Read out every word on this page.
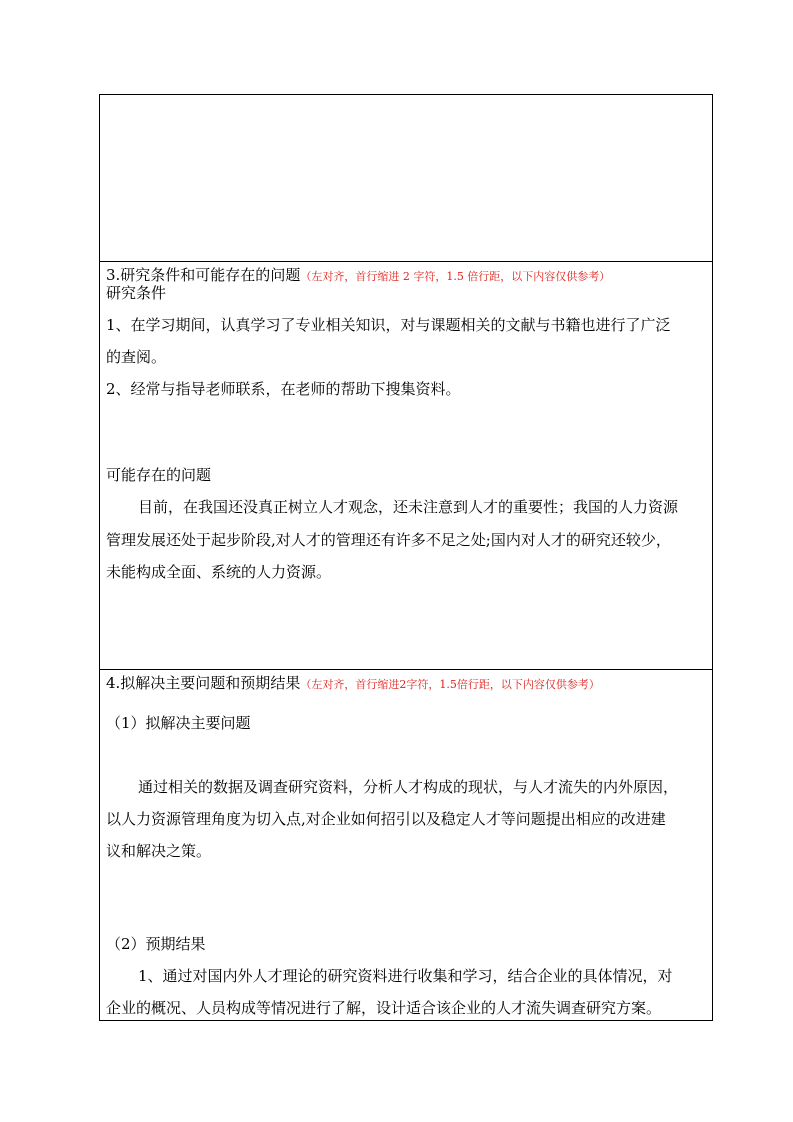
3.研究条件和可能存在的问题（左对齐，首行缩进 2 字符，1.5 倍行距，以下内容仅供参考）
研究条件
1、在学习期间，认真学习了专业相关知识，对与课题相关的文献与书籍也进行了广泛
的查阅。
2、经常与指导老师联系，在老师的帮助下搜集资料。
可能存在的问题
目前，在我国还没真正树立人才观念，还未注意到人才的重要性；我国的人力资源
管理发展还处于起步阶段,对人才的管理还有许多不足之处;国内对人才的研究还较少，
未能构成全面、系统的人力资源。
4.拟解决主要问题和预期结果（左对齐，首行缩进2字符，1.5倍行距，以下内容仅供参考）
（1）拟解决主要问题
通过相关的数据及调查研究资料，分析人才构成的现状，与人才流失的内外原因，
以人力资源管理角度为切入点,对企业如何招引以及稳定人才等问题提出相应的改进建
议和解决之策。
（2）预期结果
1、通过对国内外人才理论的研究资料进行收集和学习，结合企业的具体情况，对
企业的概况、人员构成等情况进行了解，设计适合该企业的人才流失调查研究方案。
